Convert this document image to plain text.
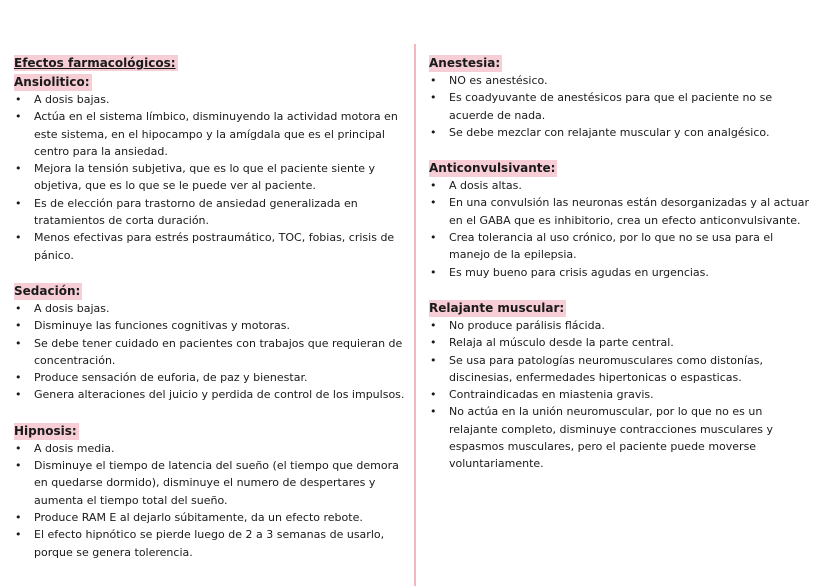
Efectos farmacológicos:
Ansiolitico:
• A dosis bajas.
• Actúa en el sistema límbico, disminuyendo la actividad motora en este sistema, en el hipocampo y la amígdala que es el principal centro para la ansiedad.
• Mejora la tensión subjetiva, que es lo que el paciente siente y objetiva, que es lo que se le puede ver al paciente.
• Es de elección para trastorno de ansiedad generalizada en tratamientos de corta duración.
• Menos efectivas para estrés postraumático, TOC, fobias, crisis de pánico.
Sedación:
• A dosis bajas.
• Disminuye las funciones cognitivas y motoras.
• Se debe tener cuidado en pacientes con trabajos que requieran de concentración.
• Produce sensación de euforia, de paz y bienestar.
• Genera alteraciones del juicio y perdida de control de los impulsos.
Hipnosis:
• A dosis media.
• Disminuye el tiempo de latencia del sueño (el tiempo que demora en quedarse dormido), disminuye el numero de despertares y aumenta el tiempo total del sueño.
• Produce RAM E al dejarlo súbitamente, da un efecto rebote.
• El efecto hipnótico se pierde luego de 2 a 3 semanas de usarlo, porque se genera tolerencia.
Anestesia:
• NO es anestésico.
• Es coadyuvante de anestésicos para que el paciente no se acuerde de nada.
• Se debe mezclar con relajante muscular y con analgésico.
Anticonvulsivante:
• A dosis altas.
• En una convulsión las neuronas están desorganizadas y al actuar en el GABA que es inhibitorio, crea un efecto anticonvulsivante.
• Crea tolerancia al uso crónico, por lo que no se usa para el manejo de la epilepsia.
• Es muy bueno para crisis agudas en urgencias.
Relajante muscular:
• No produce parálisis flácida.
• Relaja al músculo desde la parte central.
• Se usa para patologías neuromusculares como distonías, discinesias, enfermedades hipertonicas o espasticas.
• Contraindicadas en miastenia gravis.
• No actúa en la unión neuromuscular, por lo que no es un relajante completo, disminuye contracciones musculares y espasmos musculares, pero el paciente puede moverse voluntariamente.
